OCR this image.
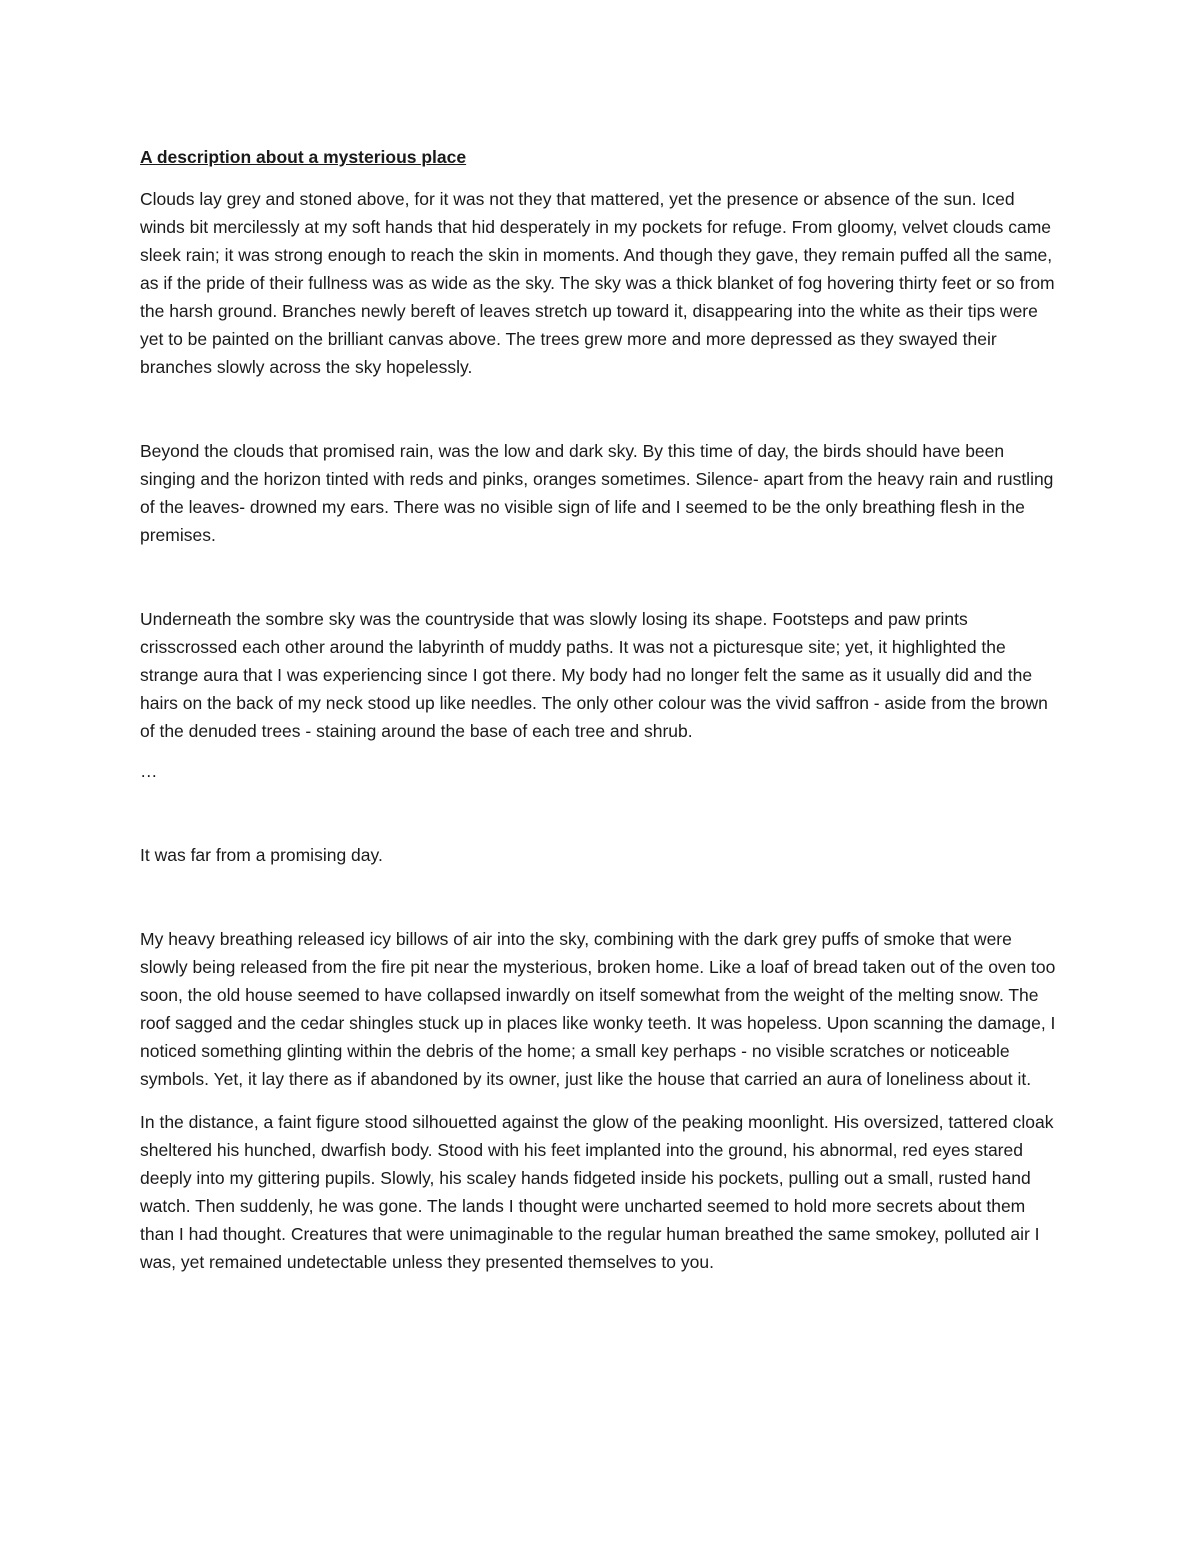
A description about a mysterious place

Clouds lay grey and stoned above, for it was not they that mattered, yet the presence or absence of the sun. Iced winds bit mercilessly at my soft hands that hid desperately in my pockets for refuge. From gloomy, velvet clouds came sleek rain; it was strong enough to reach the skin in moments. And though they gave, they remain puffed all the same, as if the pride of their fullness was as wide as the sky. The sky was a thick blanket of fog hovering thirty feet or so from the harsh ground. Branches newly bereft of leaves stretch up toward it, disappearing into the white as their tips were yet to be painted on the brilliant canvas above. The trees grew more and more depressed as they swayed their branches slowly across the sky hopelessly.

Beyond the clouds that promised rain, was the low and dark sky. By this time of day, the birds should have been singing and the horizon tinted with reds and pinks, oranges sometimes. Silence- apart from the heavy rain and rustling of the leaves- drowned my ears. There was no visible sign of life and I seemed to be the only breathing flesh in the premises.

Underneath the sombre sky was the countryside that was slowly losing its shape. Footsteps and paw prints crisscrossed each other around the labyrinth of muddy paths. It was not a picturesque site; yet, it highlighted the strange aura that I was experiencing since I got there. My body had no longer felt the same as it usually did and the hairs on the back of my neck stood up like needles. The only other colour was the vivid saffron - aside from the brown of the denuded trees - staining around the base of each tree and shrub.

…

It was far from a promising day.

My heavy breathing released icy billows of air into the sky, combining with the dark grey puffs of smoke that were slowly being released from the fire pit near the mysterious, broken home. Like a loaf of bread taken out of the oven too soon, the old house seemed to have collapsed inwardly on itself somewhat from the weight of the melting snow. The roof sagged and the cedar shingles stuck up in places like wonky teeth. It was hopeless. Upon scanning the damage, I noticed something glinting within the debris of the home; a small key perhaps - no visible scratches or noticeable symbols. Yet, it lay there as if abandoned by its owner, just like the house that carried an aura of loneliness about it.

In the distance, a faint figure stood silhouetted against the glow of the peaking moonlight. His oversized, tattered cloak sheltered his hunched, dwarfish body. Stood with his feet implanted into the ground, his abnormal, red eyes stared deeply into my gittering pupils. Slowly, his scaley hands fidgeted inside his pockets, pulling out a small, rusted hand watch. Then suddenly, he was gone. The lands I thought were uncharted seemed to hold more secrets about them than I had thought. Creatures that were unimaginable to the regular human breathed the same smokey, polluted air I was, yet remained undetectable unless they presented themselves to you.
